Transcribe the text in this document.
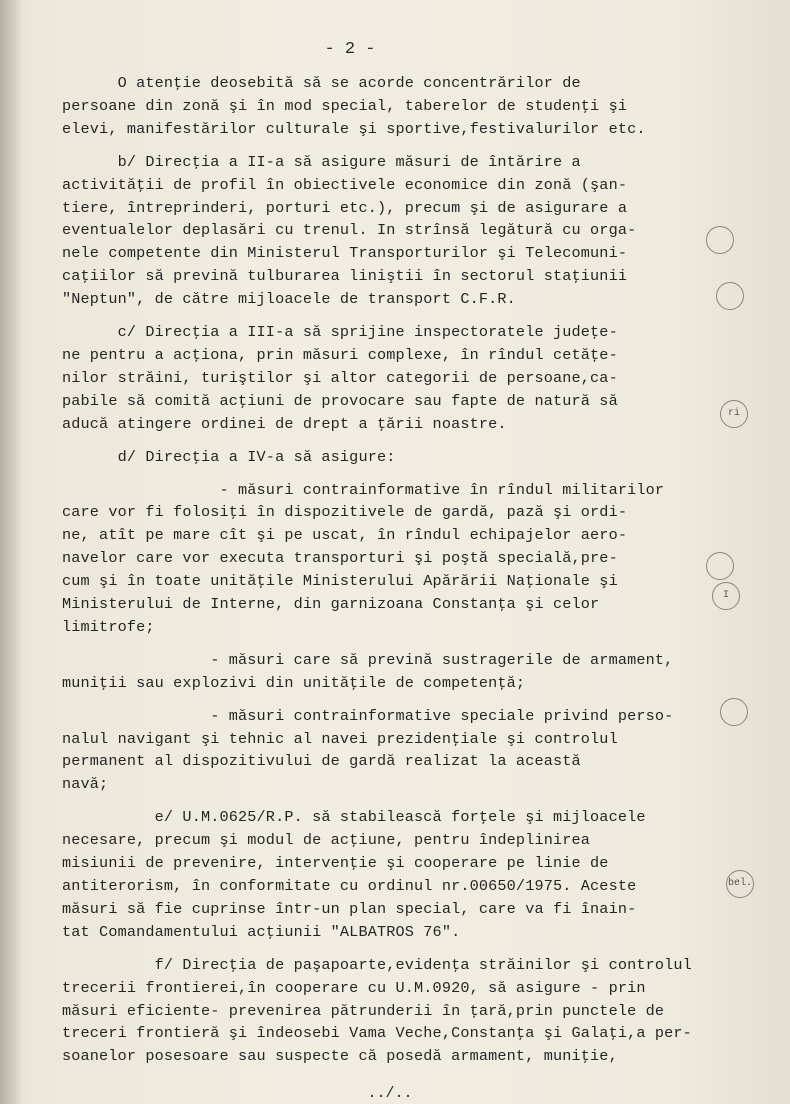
- 2 -
O atenţie deosebită să se acorde concentrărilor de
persoane din zonă şi în mod special, taberelor de studenţi şi
elevi, manifestărilor culturale şi sportive,festivalurilor etc.
b/ Direcţia a II-a să asigure măsuri de întărire a
activităţii de profil în obiectivele economice din zonă (şan-
tiere, întreprinderi, porturi etc.), precum şi de asigurare a
eventualelor deplasări cu trenul. In strînsă legătură cu orga-
nele competente din Ministerul Transporturilor şi Telecomuni-
caţiilor să prevină tulburarea liniştii în sectorul staţiunii
"Neptun", de către mijloacele de transport C.F.R.
c/ Direcţia a III-a să sprijine inspectoratele judeţe-
ne pentru a acţiona, prin măsuri complexe, în rîndul cetăţe-
nilor străini, turiştilor şi altor categorii de persoane,ca-
pabile să comită acţiuni de provocare sau fapte de natură să
aducă atingere ordinei de drept a ţării noastre.
d/ Direcţia a IV-a să asigure:
- măsuri contrainformative în rîndul militarilor
care vor fi folosiţi în dispozitivele de gardă, pază şi ordi-
ne, atît pe mare cît şi pe uscat, în rîndul echipajelor aero-
navelor care vor executa transporturi şi poştă specială,pre-
cum şi în toate unităţile Ministerului Apărării Naţionale şi
Ministerului de Interne, din garnizoana Constanţa şi celor
limitrofe;
- măsuri care să prevină sustragerile de armament,
muniţii sau explozivi din unităţile de competenţă;
- măsuri contrainformative speciale privind perso-
nalul navigant şi tehnic al navei prezidenţiale şi controlul
permanent al dispozitivului de gardă realizat la această
navă;
e/ U.M.0625/R.P. să stabilească forţele şi mijloacele
necesare, precum şi modul de acţiune, pentru îndeplinirea
misiunii de prevenire, intervenţie şi cooperare pe linie de
antiterorism, în conformitate cu ordinul nr.00650/1975. Aceste
măsuri să fie cuprinse într-un plan special, care va fi înain-
tat Comandamentului acţiunii "ALBATROS 76".
f/ Direcţia de paşapoarte,evidenţa străinilor şi controlul
trecerii frontierei,în cooperare cu U.M.0920, să asigure - prin
măsuri eficiente- prevenirea pătrunderii în ţară,prin punctele de
treceri frontieră şi îndeosebi Vama Veche,Constanţa şi Galaţi,a per-
soanelor posesoare sau suspecte că posedă armament, muniţie,
../..
ri
I
bel.
